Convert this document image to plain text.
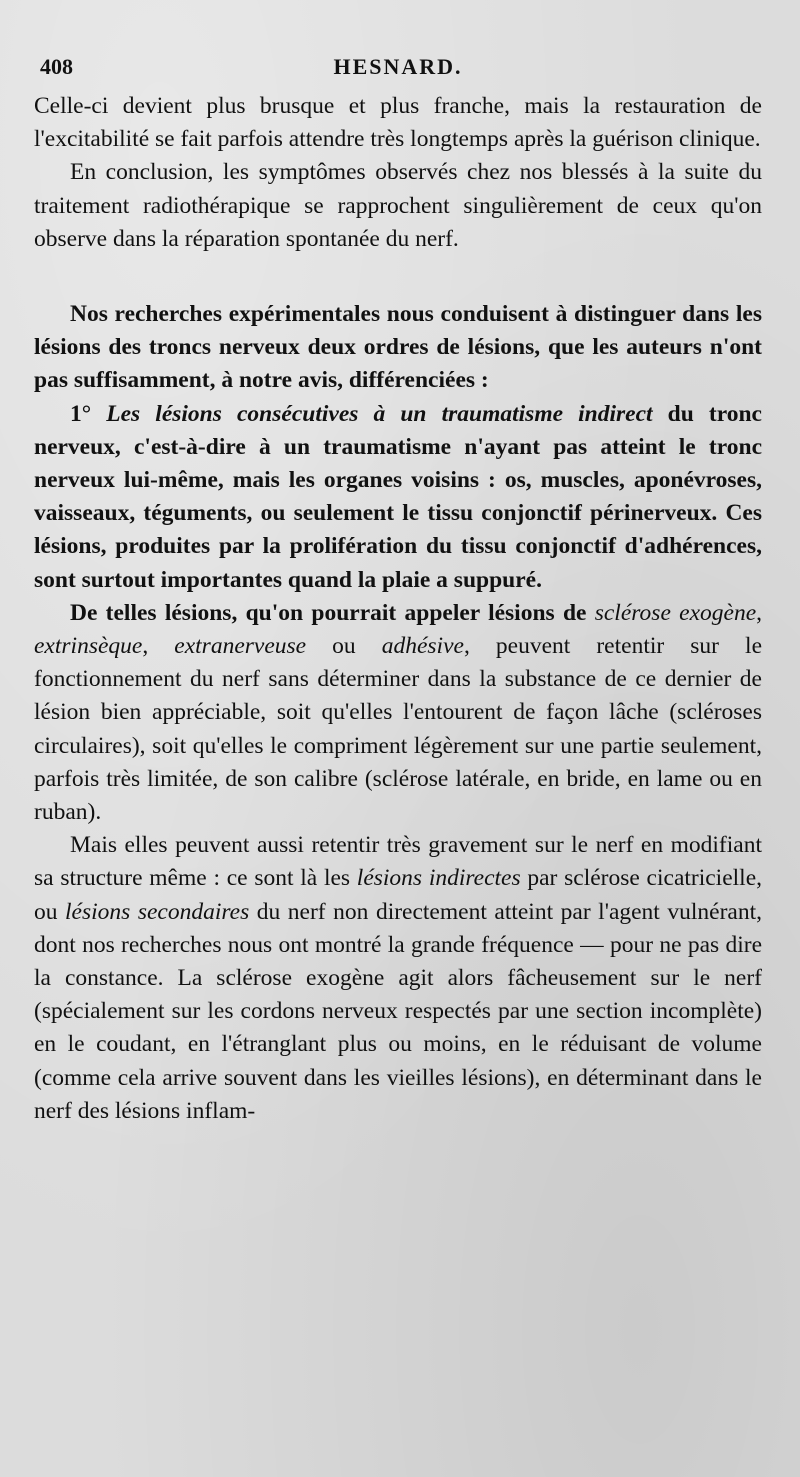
408	HESNARD.

Celle-ci devient plus brusque et plus franche, mais la restauration de l'excitabilité se fait parfois attendre très longtemps après la guérison clinique.

En conclusion, les symptômes observés chez nos blessés à la suite du traitement radiothérapique se rapprochent singulièrement de ceux qu'on observe dans la réparation spontanée du nerf.

Nos recherches expérimentales nous conduisent à distinguer dans les lésions des troncs nerveux deux ordres de lésions, que les auteurs n'ont pas suffisamment, à notre avis, différenciées :

1° Les lésions consécutives à un traumatisme indirect du tronc nerveux, c'est-à-dire à un traumatisme n'ayant pas atteint le tronc nerveux lui-même, mais les organes voisins : os, muscles, aponévroses, vaisseaux, téguments, ou seulement le tissu conjonctif périnerveux. Ces lésions, produites par la prolifération du tissu conjonctif d'adhérences, sont surtout importantes quand la plaie a suppuré.

De telles lésions, qu'on pourrait appeler lésions de sclérose exogène, extrinsèque, extranerveuse ou adhésive, peuvent retentir sur le fonctionnement du nerf sans déterminer dans la substance de ce dernier de lésion bien appréciable, soit qu'elles l'entourent de façon lâche (scléroses circulaires), soit qu'elles le compriment légèrement sur une partie seulement, parfois très limitée, de son calibre (sclérose latérale, en bride, en lame ou en ruban).

Mais elles peuvent aussi retentir très gravement sur le nerf en modifiant sa structure même : ce sont là les lésions indirectes par sclérose cicatricielle, ou lésions secondaires du nerf non directement atteint par l'agent vulnérant, dont nos recherches nous ont montré la grande fréquence — pour ne pas dire la constance. La sclérose exogène agit alors fâcheusement sur le nerf (spécialement sur les cordons nerveux respectés par une section incomplète) en le coudant, en l'étranglant plus ou moins, en le réduisant de volume (comme cela arrive souvent dans les vieilles lésions), en déterminant dans le nerf des lésions inflam-
